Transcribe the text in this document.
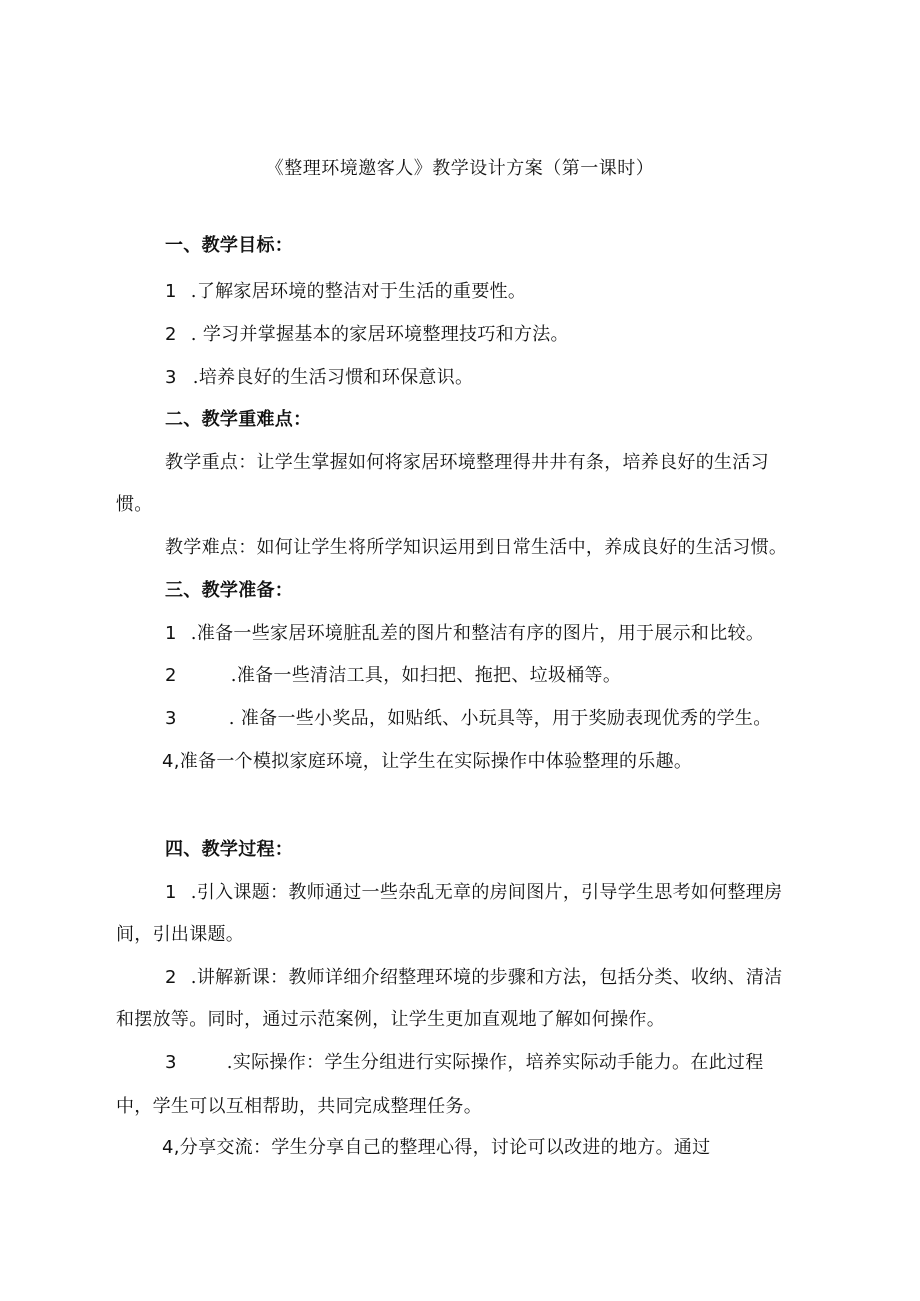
《整理环境邀客人》教学设计方案（第一课时）
一、教学目标：
1 .了解家居环境的整洁对于生活的重要性。
2 . 学习并掌握基本的家居环境整理技巧和方法。
3 .培养良好的生活习惯和环保意识。
二、教学重难点：
教学重点：让学生掌握如何将家居环境整理得井井有条，培养良好的生活习
惯。
教学难点：如何让学生将所学知识运用到日常生活中，养成良好的生活习惯。
三、教学准备：
1 .准备一些家居环境脏乱差的图片和整洁有序的图片，用于展示和比较。
2	.准备一些清洁工具，如扫把、拖把、垃圾桶等。
3	. 准备一些小奖品，如贴纸、小玩具等，用于奖励表现优秀的学生。
4,准备一个模拟家庭环境，让学生在实际操作中体验整理的乐趣。
四、教学过程：
1 .引入课题：教师通过一些杂乱无章的房间图片，引导学生思考如何整理房
间，引出课题。
2 .讲解新课：教师详细介绍整理环境的步骤和方法，包括分类、收纳、清洁
和摆放等。同时，通过示范案例，让学生更加直观地了解如何操作。
3	.实际操作：学生分组进行实际操作，培养实际动手能力。在此过程
中，学生可以互相帮助，共同完成整理任务。
4,分享交流：学生分享自己的整理心得，讨论可以改进的地方。通过
